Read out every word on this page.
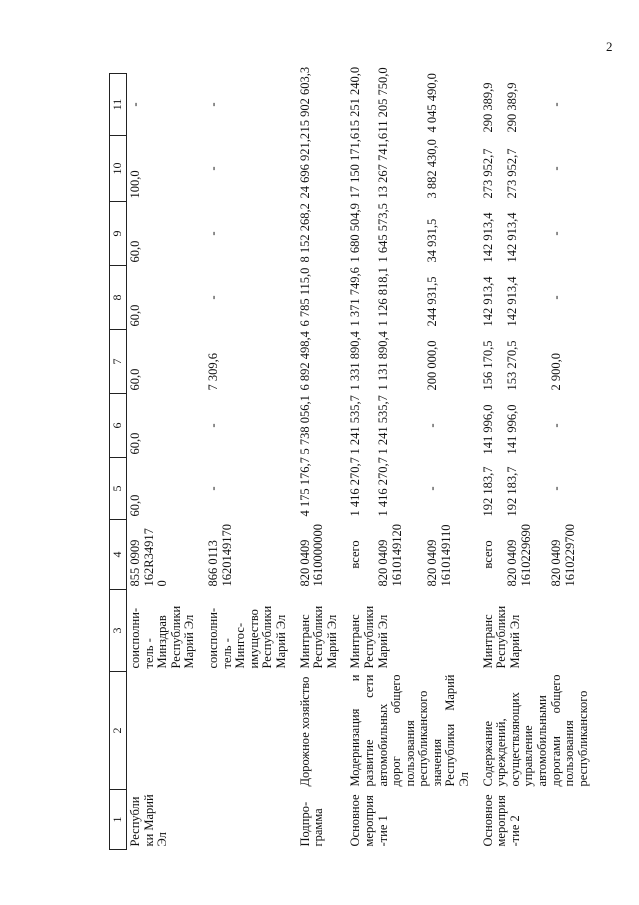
2
1	2	3	4	5	6	7	8	9	10	11
Республики Марий Эл		соисполни-тель - Минздрав Республики Марий Эл	855 0909 162R349170	60,0	60,0	60,0	60,0	60,0	100,0	-

		соисполни-тель - Мингос-имущество Республики Марий Эл	866 0113 1620149170	-	-	7 309,6	-	-	-	-

Подпро-грамма	Дорожное хозяйство	Минтранс Республики Марий Эл	820 0409 1610000000	4 175 176,7	5 738 056,1	6 892 498,4	6 785 115,0	8 152 268,2	24 696 921,2	15 902 603,3

Основное мероприя-тие 1	Модернизация и развитие сети автомобильных дорог общего пользования республиканского значения Республики Марий Эл	Минтранс Республики Марий Эл	всего	1 416 270,7	1 241 535,7	1 331 890,4	1 371 749,6	1 680 504,9	17 150 171,6	15 251 240,0
			820 0409 1610149120	1 416 270,7	1 241 535,7	1 131 890,4	1 126 818,1	1 645 573,5	13 267 741,6	11 205 750,0
			820 0409 1610149110	-	-	200 000,0	244 931,5	34 931,5	3 882 430,0	4 045 490,0

Основное мероприя-тие 2	Содержание учреждений, осуществляющих управление автомобильными дорогами общего пользования республиканского	Минтранс Республики Марий Эл	всего	192 183,7	141 996,0	156 170,5	142 913,4	142 913,4	273 952,7	290 389,9
			820 0409 1610229690	192 183,7	141 996,0	153 270,5	142 913,4	142 913,4	273 952,7	290 389,9
			820 0409 1610229700	-	-	2 900,0	-	-	-	-
